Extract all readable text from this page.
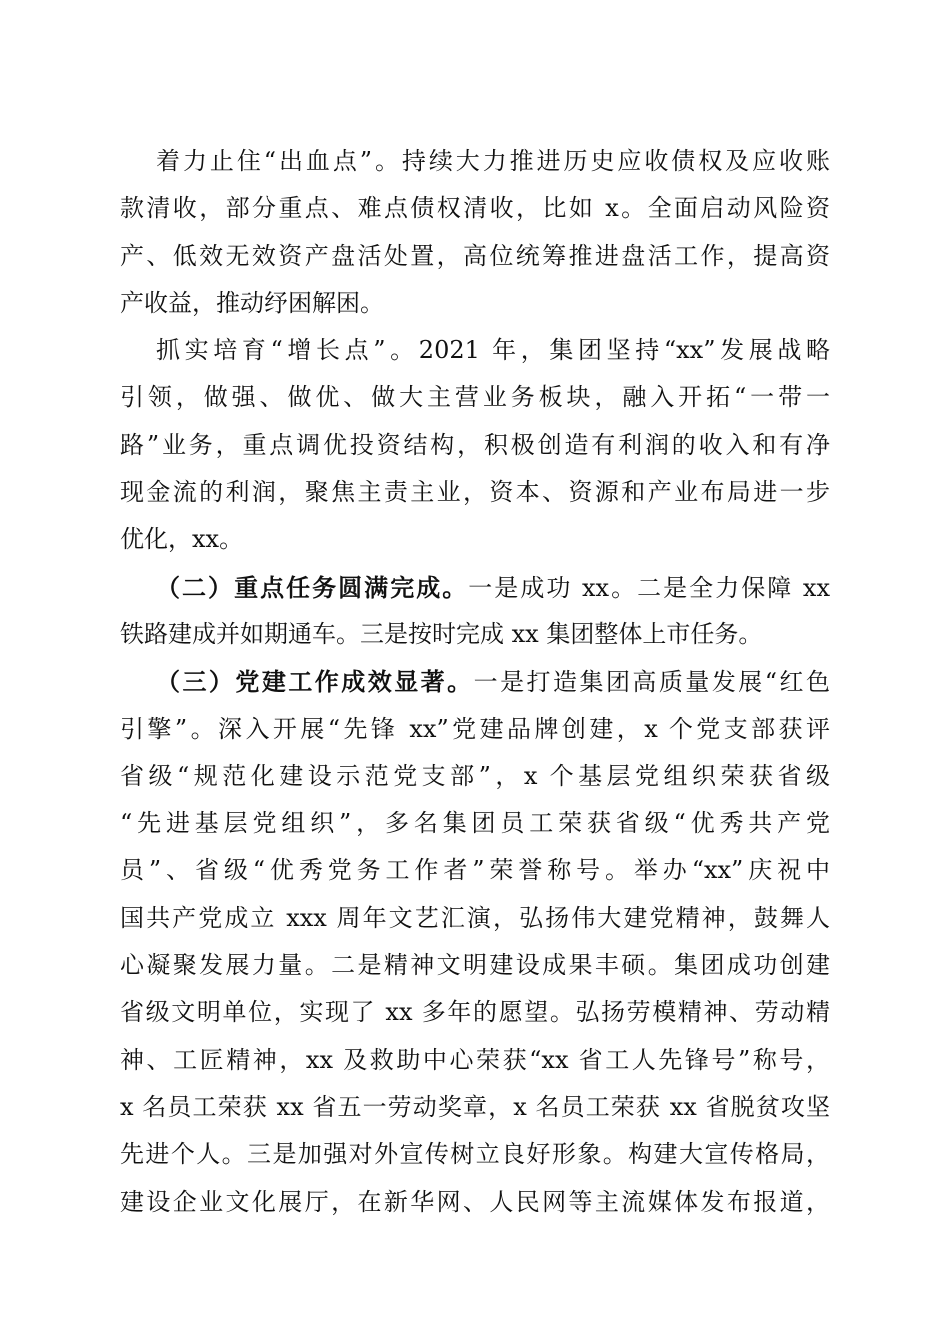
着力止住“出血点”。持续大力推进历史应收债权及应收账
款清收，部分重点、难点债权清收，比如 x。全面启动风险资
产、低效无效资产盘活处置，高位统筹推进盘活工作，提高资
产收益，推动纾困解困。
抓实培育“增长点”。2021 年，集团坚持“xx”发展战略
引领，做强、做优、做大主营业务板块，融入开拓“一带一
路”业务，重点调优投资结构，积极创造有利润的收入和有净
现金流的利润，聚焦主责主业，资本、资源和产业布局进一步
优化，xx。
（二）重点任务圆满完成。一是成功 xx。二是全力保障 xx
铁路建成并如期通车。三是按时完成 xx 集团整体上市任务。
（三）党建工作成效显著。一是打造集团高质量发展“红色
引擎”。深入开展“先锋 xx”党建品牌创建，x 个党支部获评
省级“规范化建设示范党支部”，x 个基层党组织荣获省级
“先进基层党组织”，多名集团员工荣获省级“优秀共产党
员”、省级“优秀党务工作者”荣誉称号。举办“xx”庆祝中
国共产党成立 xxx 周年文艺汇演，弘扬伟大建党精神，鼓舞人
心凝聚发展力量。二是精神文明建设成果丰硕。集团成功创建
省级文明单位，实现了 xx 多年的愿望。弘扬劳模精神、劳动精
神、工匠精神，xx 及救助中心荣获“xx 省工人先锋号”称号，
x 名员工荣获 xx 省五一劳动奖章，x 名员工荣获 xx 省脱贫攻坚
先进个人。三是加强对外宣传树立良好形象。构建大宣传格局，
建设企业文化展厅，在新华网、人民网等主流媒体发布报道，
